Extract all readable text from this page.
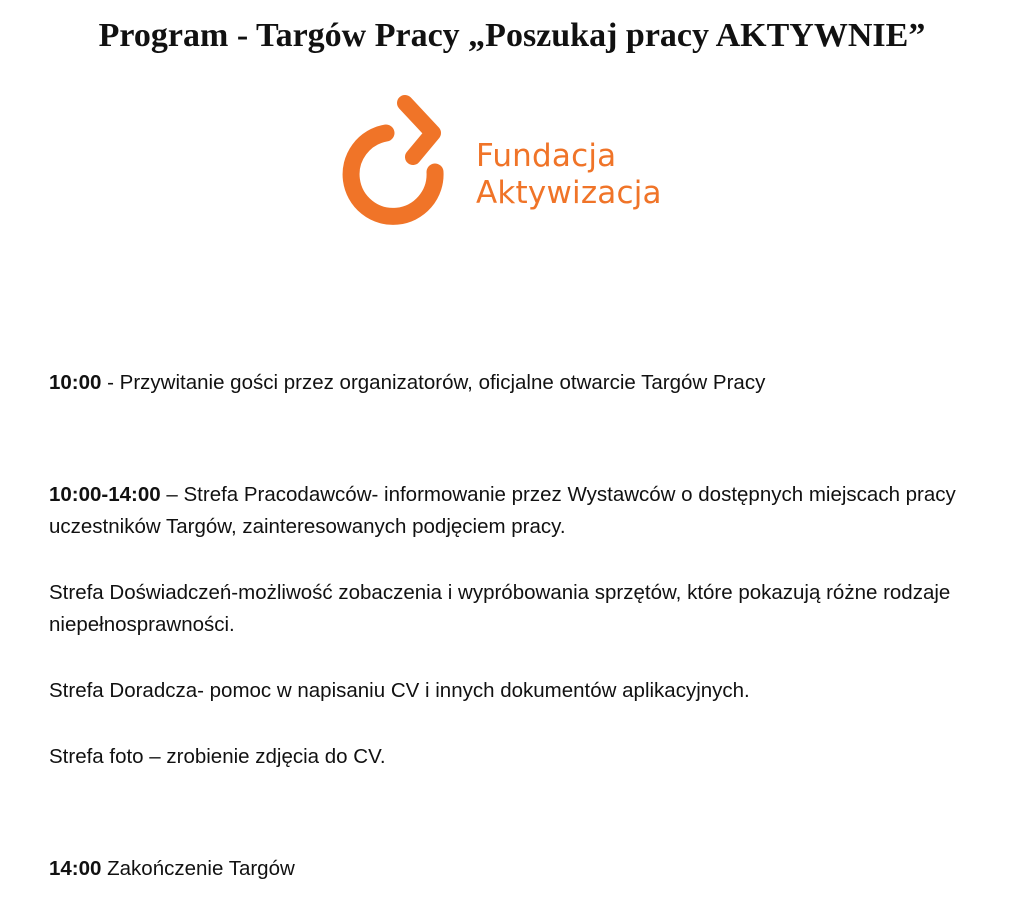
Program - Targów Pracy „Poszukaj pracy AKTYWNIE”
Fundacja
Aktywizacja

10:00 - Przywitanie gości przez organizatorów, oficjalne otwarcie Targów Pracy

10:00-14:00 – Strefa Pracodawców- informowanie przez Wystawców o dostępnych miejscach pracy uczestników Targów, zainteresowanych podjęciem pracy.

Strefa Doświadczeń-możliwość zobaczenia i wypróbowania sprzętów, które pokazują różne rodzaje niepełnosprawności.

Strefa Doradcza- pomoc w napisaniu CV i innych dokumentów aplikacyjnych.

Strefa foto – zrobienie zdjęcia do CV.

14:00 Zakończenie Targów
